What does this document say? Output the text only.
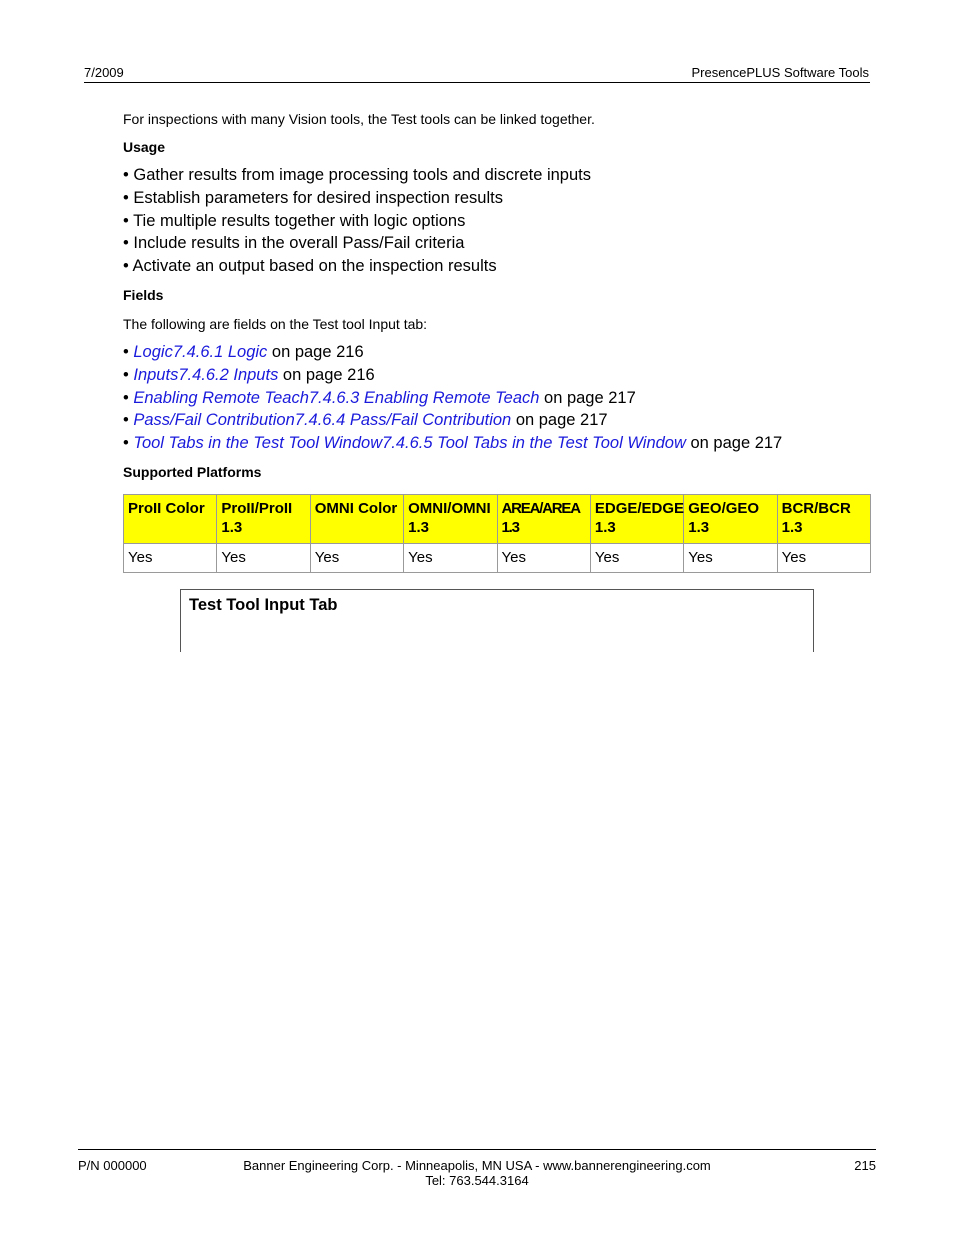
7/2009	PresencePLUS Software Tools
For inspections with many Vision tools, the Test tools can be linked together.
Usage
• Gather results from image processing tools and discrete inputs
• Establish parameters for desired inspection results
• Tie multiple results together with logic options
• Include results in the overall Pass/Fail criteria
• Activate an output based on the inspection results
Fields
The following are fields on the Test tool Input tab:
• Logic7.4.6.1 Logic on page 216
• Inputs7.4.6.2 Inputs on page 216
• Enabling Remote Teach7.4.6.3 Enabling Remote Teach on page 217
• Pass/Fail Contribution7.4.6.4 Pass/Fail Contribution on page 217
• Tool Tabs in the Test Tool Window7.4.6.5 Tool Tabs in the Test Tool Window on page 217
Supported Platforms
ProII Color	ProII/ProII 1.3	OMNI Color	OMNI/OMNI 1.3	AREA/AREA 1.3	EDGE/EDGE 1.3	GEO/GEO 1.3	BCR/BCR 1.3
Yes	Yes	Yes	Yes	Yes	Yes	Yes	Yes
Test Tool Input Tab
P/N 000000	Banner Engineering Corp. - Minneapolis, MN USA - www.bannerengineering.com
Tel: 763.544.3164
215
